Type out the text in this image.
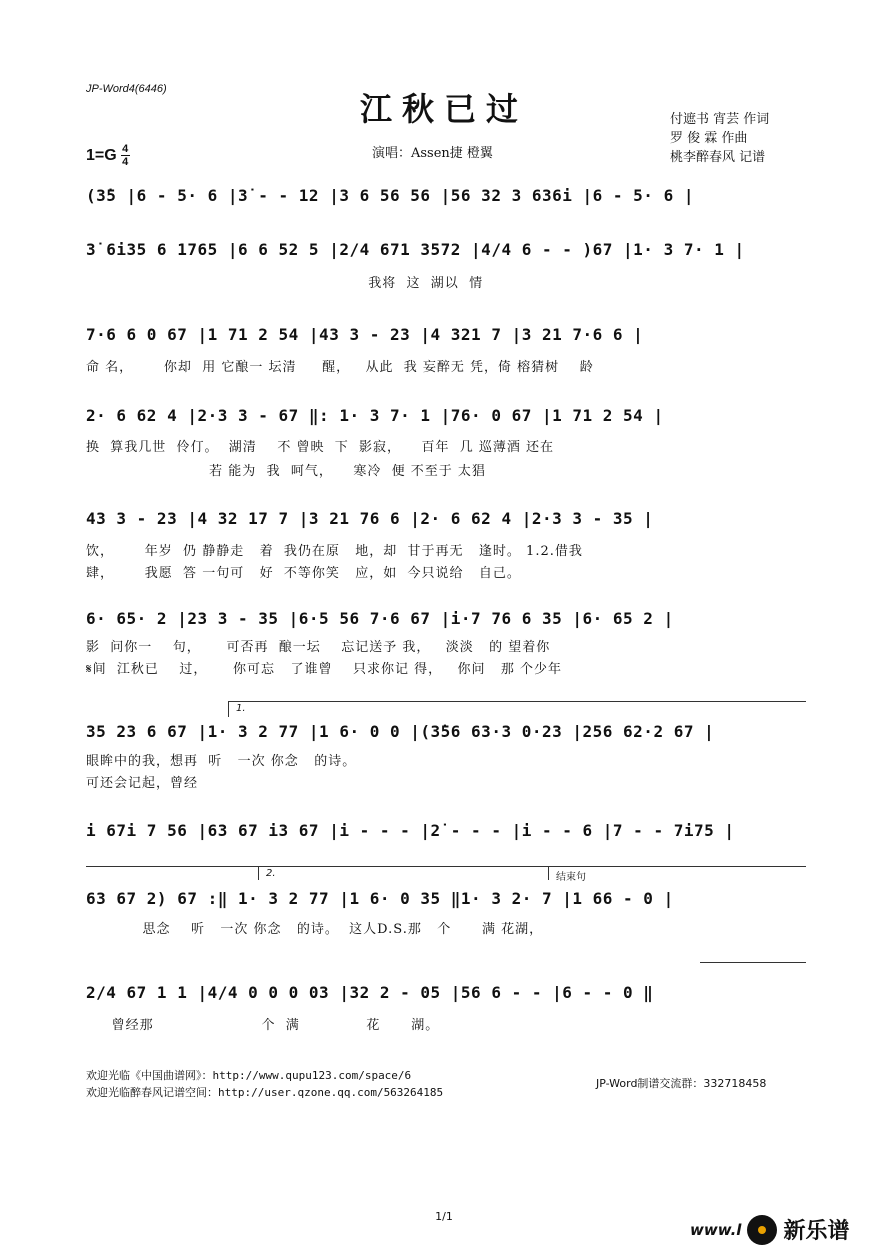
JP-Word4(6446)
江秋已过	付遮书 宵芸 作词
罗 俊 霖 作曲
桃李醉春风 记谱
1=G 4
4
演唱：Assen捷 橙翼
(3̇5 |6 - 5· 6 |3̇ - - 12 |3 6 56 56 |56 32 3 636i |6 - 5· 6 |
3̇ 6i35 6 1765 |6 6 52 5 |2/4 671 3572 |4/4 6 - - )67 |1· 3 7· 1 |
我将  这  湖以  情
7·6 6 0 67 |1 71 2 54 |43 3 - 23 |4 321 7 |3 21 7·6 6 |
命 名，      你却  用 它酿一 坛清     醒，   从此  我 妄醉无 凭，倚 榕猜树    龄
2· 6 62 4 |2·3 3 - 67 ‖: 1· 3 7· 1 |76· 0 67 |1 71 2 54 |
换  算我几世  伶仃。  湖清    不 曾映  下  影寂，    百年  几 巡薄酒 还在
若 能为  我  呵气，    寒冷  便 不至于 太猖
43 3 - 23 |4 32 17 7 |3 21 76 6 |2· 6 62 4 |2·3 3 - 35 |
饮，      年岁  仍 静静走   着  我仍在原   地，却  甘于再无   逢时。 1.2.借我
肆，      我愿  答 一句可   好  不等你笑   应，如  今只说给   自己。
6· 65· 2 |23 3 - 35 |6·5 56 7·6 67 |i·7 76 6 35 |6· 65 2 |
影  问你一    句，     可否再  酿一坛    忘记送予 我，   淡淡   的 望着你
𝄋间  江秋已    过，     你可忘   了谁曾    只求你记 得，   你问   那 个少年
1.
35 23 6 67 |1· 3 2 77 |1 6· 0 0 |(3̇56 63·3 0·23 |256 62·2 67 |
眼眸中的我，想再  听   一次 你念   的诗。
可还会记起，曾经
i 67i 7 56 |63 67 i3 67 |i - - - |2̇ - - - |i - - 6 |7 - - 7i75 |
2.	结束句
63 67 2) 67 :‖ 1· 3 2 77 |1 6· 0 35 ‖1· 3 2· 7 |1 66 - 0 |
思念    听   一次 你念   的诗。  这人D.S.那   个      满 花湖，
2/4 67 1 1 |4/4 0 0 0 03 |32 2 - 05 |56 6 - - |6 - - 0 ‖
曾经那                     个  满             花      湖。
欢迎光临《中国曲谱网》：http://www.qupu123.com/space/6
欢迎光临醉春风记谱空间：http://user.qzone.qq.com/563264185
JP-Word制谱交流群：332718458
1/1
www.l 新乐谱
